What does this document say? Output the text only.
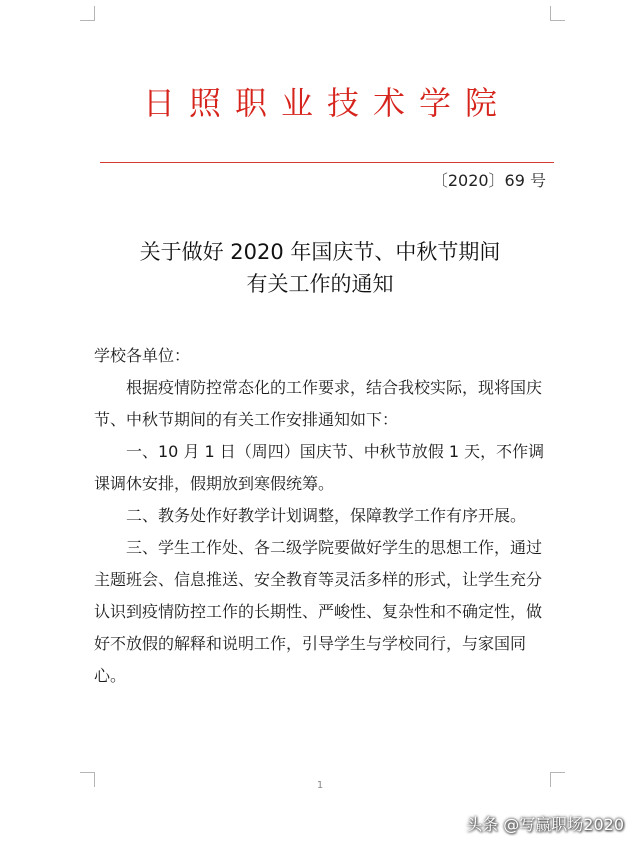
日照职业技术学院
〔2020〕69 号
关于做好 2020 年国庆节、中秋节期间
有关工作的通知

学校各单位：

根据疫情防控常态化的工作要求，结合我校实际，现将国庆节、中秋节期间的有关工作安排通知如下：

一、10 月 1 日（周四）国庆节、中秋节放假 1 天，不作调课调休安排，假期放到寒假统筹。

二、教务处作好教学计划调整，保障教学工作有序开展。

三、学生工作处、各二级学院要做好学生的思想工作，通过主题班会、信息推送、安全教育等灵活多样的形式，让学生充分认识到疫情防控工作的长期性、严峻性、复杂性和不确定性，做好不放假的解释和说明工作，引导学生与学校同行，与家国同心。

1
头条 @写赢职场2020
